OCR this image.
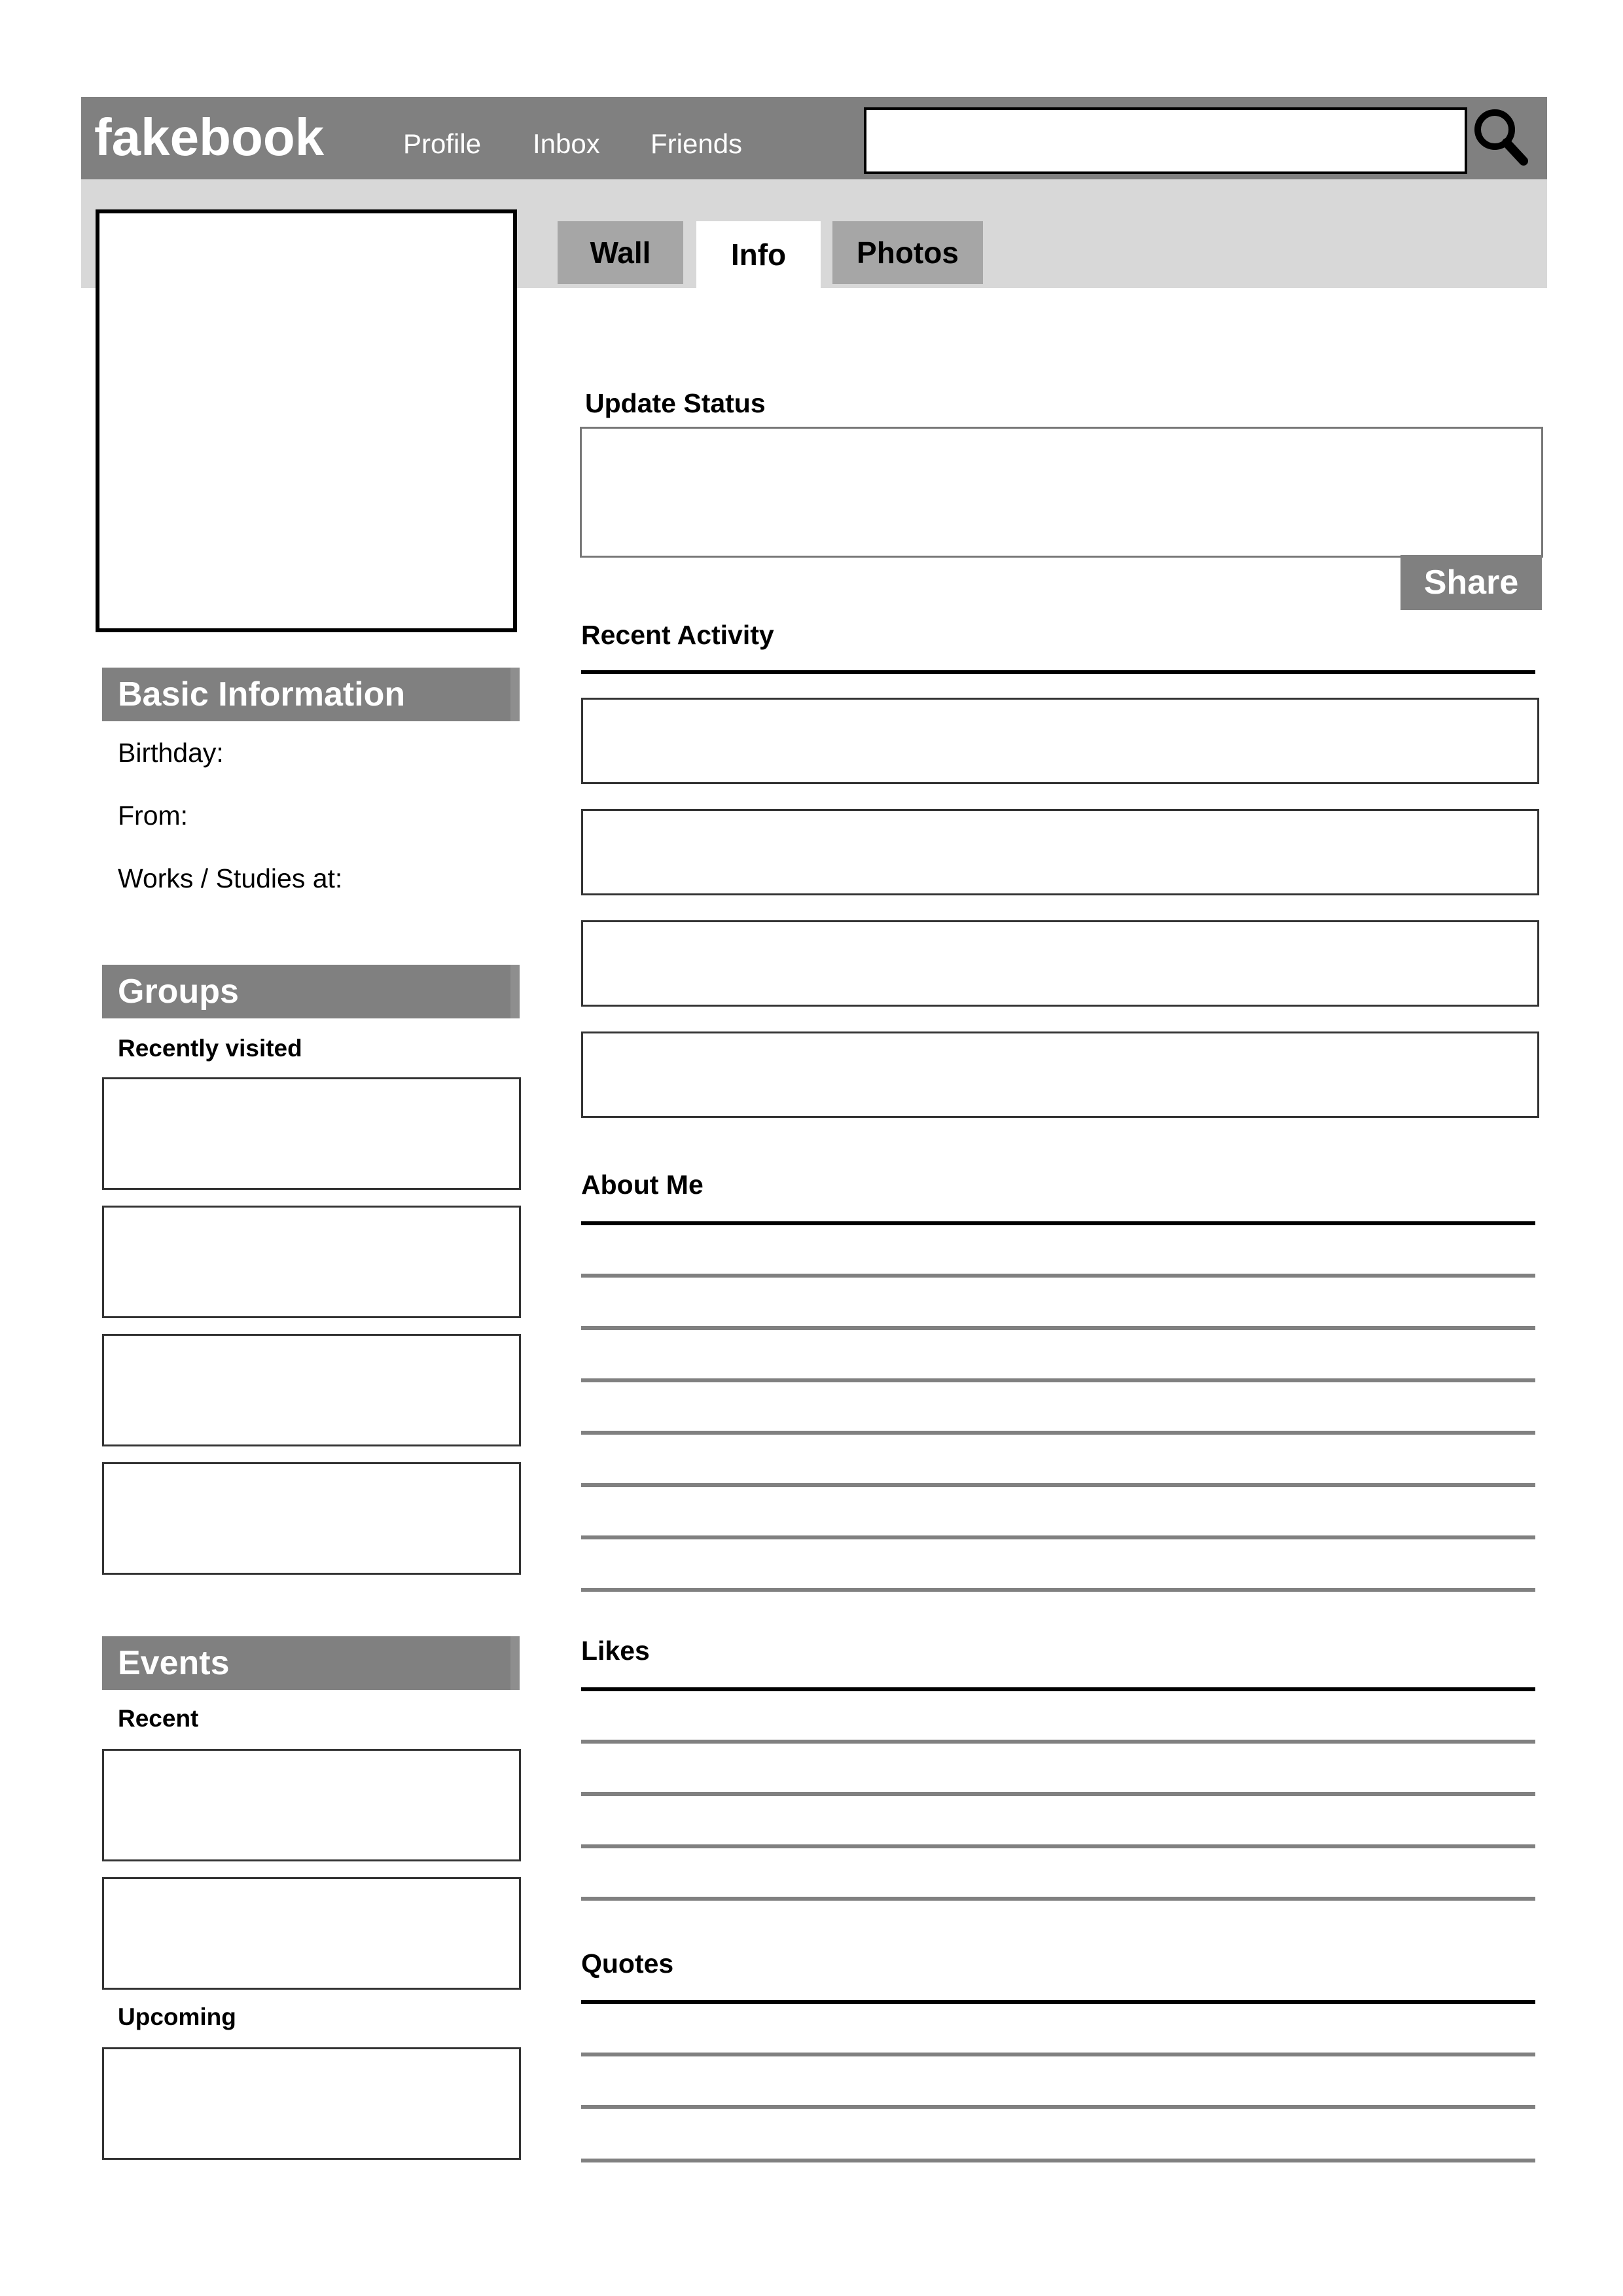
fakebook	Profile Inbox Friends
Wall	Info	Photos
Basic Information
Birthday:
From:
Works / Studies at:
Groups
Recently visited
Events
Recent
Upcoming
Update Status
Share
Recent Activity
About Me
Likes
Quotes
